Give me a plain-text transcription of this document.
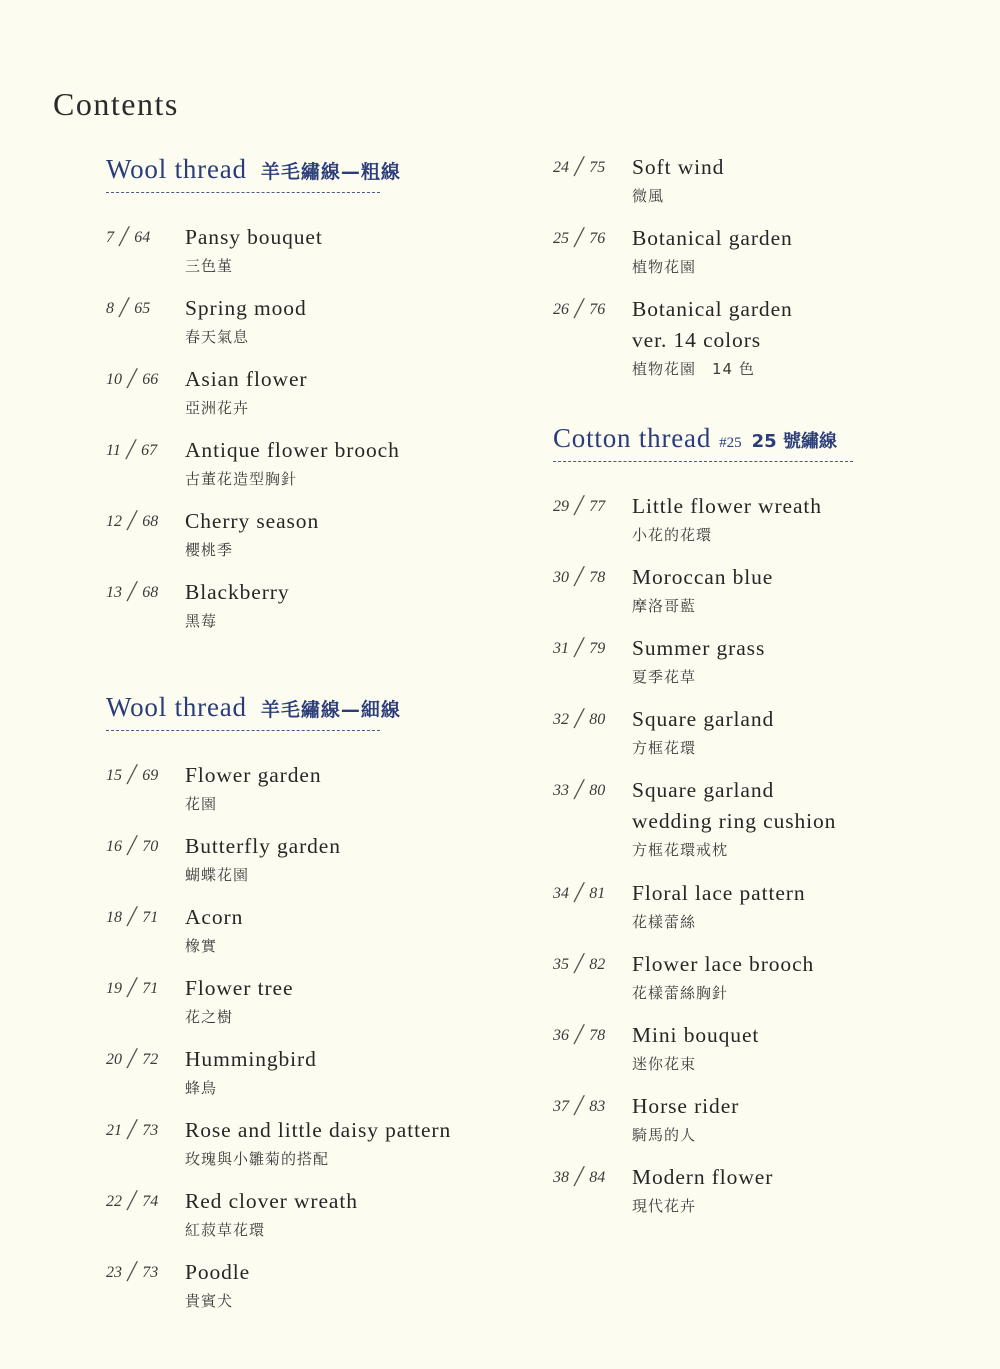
Contents
Wool thread 羊毛繡線—粗線
7 ╱ 64 Pansy bouquet
三色堇
8 ╱ 65 Spring mood
春天氣息
10 ╱ 66 Asian flower
亞洲花卉
11 ╱ 67 Antique flower brooch
古董花造型胸針
12 ╱ 68 Cherry season
櫻桃季
13 ╱ 68 Blackberry
黑莓
Wool thread 羊毛繡線—細線
15 ╱ 69 Flower garden
花園
16 ╱ 70 Butterfly garden
蝴蝶花園
18 ╱ 71 Acorn
橡實
19 ╱ 71 Flower tree
花之樹
20 ╱ 72 Hummingbird
蜂鳥
21 ╱ 73 Rose and little daisy pattern
玫瑰與小雛菊的搭配
22 ╱ 74 Red clover wreath
紅菽草花環
23 ╱ 73 Poodle
貴賓犬
24 ╱ 75 Soft wind
微風
25 ╱ 76 Botanical garden
植物花園
26 ╱ 76 Botanical garden
ver. 14 colors
植物花園　14 色
Cotton thread #25 25 號繡線
29 ╱ 77 Little flower wreath
小花的花環
30 ╱ 78 Moroccan blue
摩洛哥藍
31 ╱ 79 Summer grass
夏季花草
32 ╱ 80 Square garland
方框花環
33 ╱ 80 Square garland
wedding ring cushion
方框花環戒枕
34 ╱ 81 Floral lace pattern
花樣蕾絲
35 ╱ 82 Flower lace brooch
花樣蕾絲胸針
36 ╱ 78 Mini bouquet
迷你花束
37 ╱ 83 Horse rider
騎馬的人
38 ╱ 84 Modern flower
現代花卉
